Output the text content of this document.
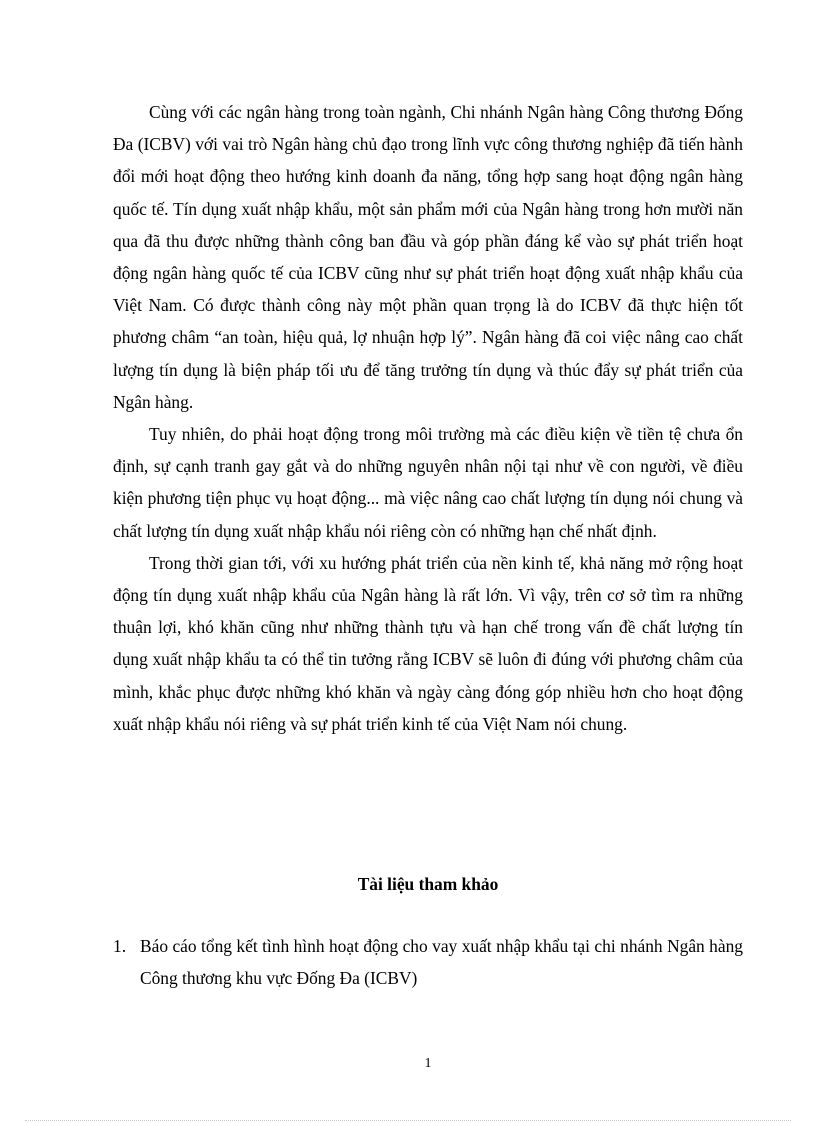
Cùng với các ngân hàng trong toàn ngành, Chi nhánh Ngân hàng Công thương Đống Đa (ICBV) với vai trò Ngân hàng chủ đạo trong lĩnh vực công thương nghiệp đã tiến hành đổi mới hoạt động theo hướng kinh doanh đa năng, tổng hợp sang hoạt động ngân hàng quốc tế. Tín dụng xuất nhập khẩu, một sản phẩm mới của Ngân hàng trong hơn mười năn qua đã thu được những thành công ban đầu và góp phần đáng kể vào sự phát triển hoạt động ngân hàng quốc tế của ICBV cũng như sự phát triển hoạt động xuất nhập khẩu của Việt Nam. Có được thành công này một phần quan trọng là do ICBV đã thực hiện tốt phương châm “an toàn, hiệu quả, lợ nhuận hợp lý”. Ngân hàng đã coi việc nâng cao chất lượng tín dụng là biện pháp tối ưu để tăng trưởng tín dụng và thúc đẩy sự phát triển của Ngân hàng.

Tuy nhiên, do phải hoạt động trong môi trường mà các điều kiện về tiền tệ chưa ổn định, sự cạnh tranh gay gắt và do những nguyên nhân nội tại như về con người, về điều kiện phương tiện phục vụ hoạt động... mà việc nâng cao chất lượng tín dụng nói chung và chất lượng tín dụng xuất nhập khẩu nói riêng còn có những hạn chế nhất định.

Trong thời gian tới, với xu hướng phát triển của nền kinh tế, khả năng mở rộng hoạt động tín dụng xuất nhập khẩu của Ngân hàng là rất lớn. Vì vậy, trên cơ sở tìm ra những thuận lợi, khó khăn cũng như những thành tựu và hạn chế trong vấn đề chất lượng tín dụng xuất nhập khẩu ta có thể tin tưởng rằng ICBV sẽ luôn đi đúng với phương châm của mình, khắc phục được những khó khăn và ngày càng đóng góp nhiều hơn cho hoạt động xuất nhập khẩu nói riêng và sự phát triển kinh tế của Việt Nam nói chung.

Tài liệu tham khảo
1. Báo cáo tổng kết tình hình hoạt động cho vay xuất nhập khẩu tại chi nhánh Ngân hàng Công thương khu vực Đống Đa (ICBV)
1
